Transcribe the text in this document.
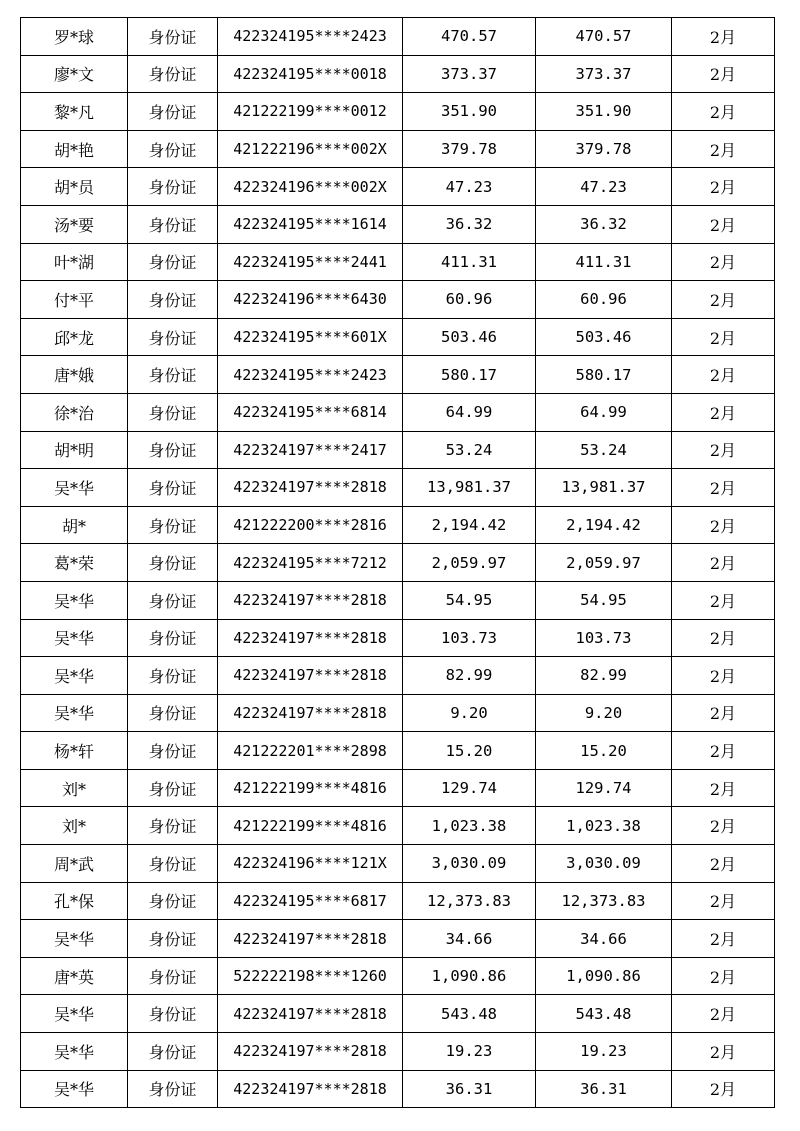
罗*球	身份证	422324195****2423	470.57	470.57	2月
廖*文	身份证	422324195****0018	373.37	373.37	2月
黎*凡	身份证	421222199****0012	351.90	351.90	2月
胡*艳	身份证	421222196****002X	379.78	379.78	2月
胡*员	身份证	422324196****002X	47.23	47.23	2月
汤*要	身份证	422324195****1614	36.32	36.32	2月
叶*湖	身份证	422324195****2441	411.31	411.31	2月
付*平	身份证	422324196****6430	60.96	60.96	2月
邱*龙	身份证	422324195****601X	503.46	503.46	2月
唐*娥	身份证	422324195****2423	580.17	580.17	2月
徐*治	身份证	422324195****6814	64.99	64.99	2月
胡*明	身份证	422324197****2417	53.24	53.24	2月
吴*华	身份证	422324197****2818	13,981.37	13,981.37	2月
胡*	身份证	421222200****2816	2,194.42	2,194.42	2月
葛*荣	身份证	422324195****7212	2,059.97	2,059.97	2月
吴*华	身份证	422324197****2818	54.95	54.95	2月
吴*华	身份证	422324197****2818	103.73	103.73	2月
吴*华	身份证	422324197****2818	82.99	82.99	2月
吴*华	身份证	422324197****2818	9.20	9.20	2月
杨*轩	身份证	421222201****2898	15.20	15.20	2月
刘*	身份证	421222199****4816	129.74	129.74	2月
刘*	身份证	421222199****4816	1,023.38	1,023.38	2月
周*武	身份证	422324196****121X	3,030.09	3,030.09	2月
孔*保	身份证	422324195****6817	12,373.83	12,373.83	2月
吴*华	身份证	422324197****2818	34.66	34.66	2月
唐*英	身份证	522222198****1260	1,090.86	1,090.86	2月
吴*华	身份证	422324197****2818	543.48	543.48	2月
吴*华	身份证	422324197****2818	19.23	19.23	2月
吴*华	身份证	422324197****2818	36.31	36.31	2月
